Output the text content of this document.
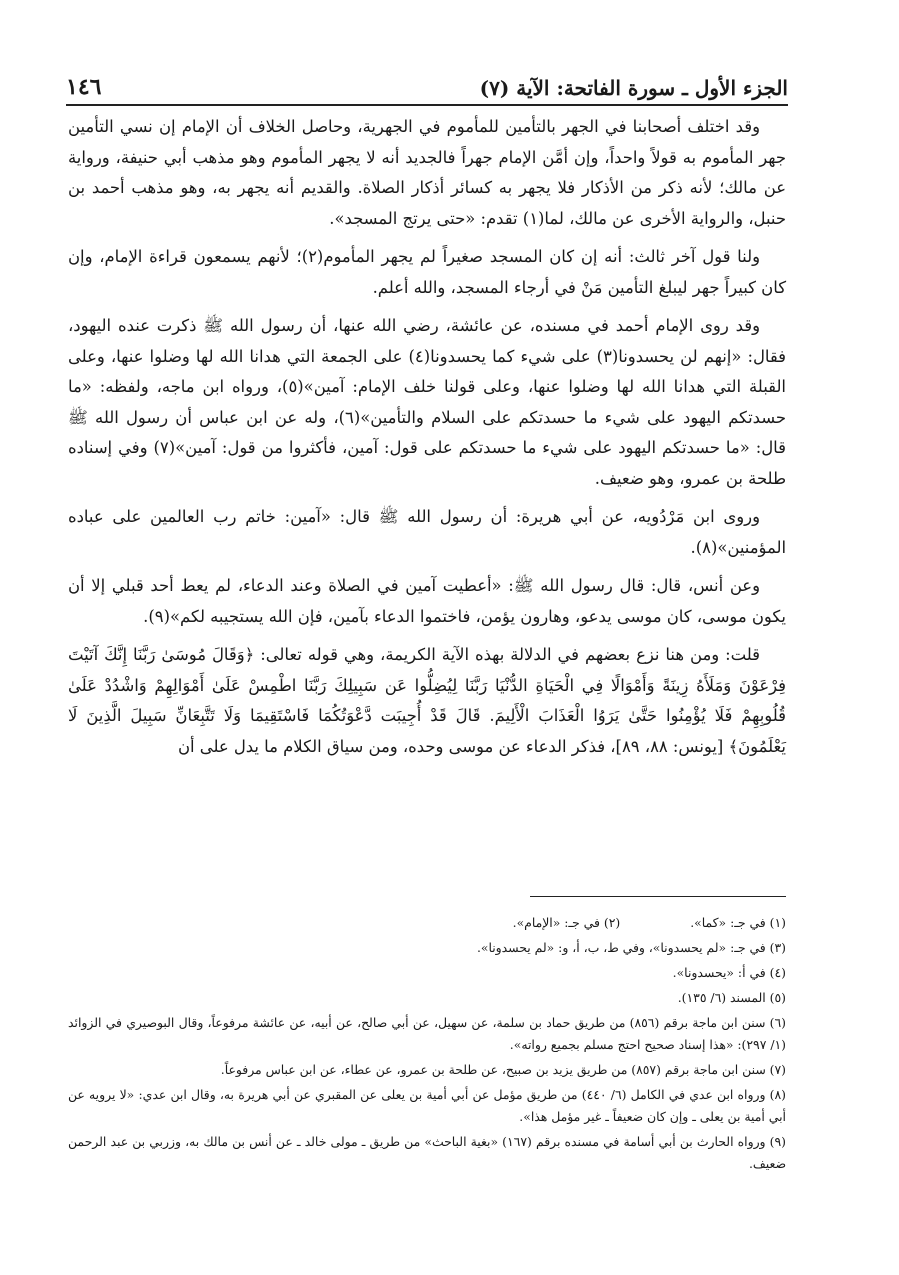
الجزء الأول ـ سورة الفاتحة: الآية (٧)
١٤٦

وقد اختلف أصحابنا في الجهر بالتأمين للمأموم في الجهرية، وحاصل الخلاف أن الإمام إن نسي التأمين جهر المأموم به قولاً واحداً، وإن أمَّن الإمام جهراً فالجديد أنه لا يجهر المأموم وهو مذهب أبي حنيفة، ورواية عن مالك؛ لأنه ذكر من الأذكار فلا يجهر به كسائر أذكار الصلاة. والقديم أنه يجهر به، وهو مذهب أحمد بن حنبل، والرواية الأخرى عن مالك، لما(١) تقدم: «حتى يرتج المسجد».

ولنا قول آخر ثالث: أنه إن كان المسجد صغيراً لم يجهر المأموم(٢)؛ لأنهم يسمعون قراءة الإمام، وإن كان كبيراً جهر ليبلغ التأمين مَنْ في أرجاء المسجد، والله أعلم.

وقد روى الإمام أحمد في مسنده، عن عائشة، رضي الله عنها، أن رسول الله ﷺ ذكرت عنده اليهود، فقال: «إنهم لن يحسدونا(٣) على شيء كما يحسدونا(٤) على الجمعة التي هدانا الله لها وضلوا عنها، وعلى القبلة التي هدانا الله لها وضلوا عنها، وعلى قولنا خلف الإمام: آمين»(٥)، ورواه ابن ماجه، ولفظه: «ما حسدتكم اليهود على شيء ما حسدتكم على السلام والتأمين»(٦)، وله عن ابن عباس أن رسول الله ﷺ قال: «ما حسدتكم اليهود على شيء ما حسدتكم على قول: آمين، فأكثروا من قول: آمين»(٧) وفي إسناده طلحة بن عمرو، وهو ضعيف.

وروى ابن مَرْدُويه، عن أبي هريرة: أن رسول الله ﷺ قال: «آمين: خاتم رب العالمين على عباده المؤمنين»(٨).

وعن أنس، قال: قال رسول الله ﷺ: «أعطيت آمين في الصلاة وعند الدعاء، لم يعط أحد قبلي إلا أن يكون موسى، كان موسى يدعو، وهارون يؤمن، فاختموا الدعاء بآمين، فإن الله يستجيبه لكم»(٩).

قلت: ومن هنا نزع بعضهم في الدلالة بهذه الآية الكريمة، وهي قوله تعالى: ﴿وَقَالَ مُوسَىٰ رَبَّنَا إِنَّكَ آتَيْتَ فِرْعَوْنَ وَمَلَأَهُ زِينَةً وَأَمْوَالًا فِي الْحَيَاةِ الدُّنْيَا رَبَّنَا لِيُضِلُّوا عَن سَبِيلِكَ رَبَّنَا اطْمِسْ عَلَىٰ أَمْوَالِهِمْ وَاشْدُدْ عَلَىٰ قُلُوبِهِمْ فَلَا يُؤْمِنُوا حَتَّىٰ يَرَوُا الْعَذَابَ الْأَلِيمَ. قَالَ قَدْ أُجِيبَت دَّعْوَتُكُمَا فَاسْتَقِيمَا وَلَا تَتَّبِعَانِّ سَبِيلَ الَّذِينَ لَا يَعْلَمُونَ﴾ [يونس: ٨٨، ٨٩]، فذكر الدعاء عن موسى وحده، ومن سياق الكلام ما يدل على أن

(١) في جـ: «كما».
(٢) في جـ: «الإمام».
(٣) في جـ: «لم يحسدونا»، وفي ط، ب، أ، و: «لم يحسدونا».
(٤) في أ: «يحسدونا».
(٥) المسند (٦/ ١٣٥).
(٦) سنن ابن ماجة برقم (٨٥٦) من طريق حماد بن سلمة، عن سهيل، عن أبي صالح، عن أبيه، عن عائشة مرفوعاً، وقال البوصيري في الزوائد (١/ ٢٩٧): «هذا إسناد صحيح احتج مسلم بجميع رواته».
(٧) سنن ابن ماجة برقم (٨٥٧) من طريق يزيد بن صبيح، عن طلحة بن عمرو، عن عطاء، عن ابن عباس مرفوعاً.
(٨) ورواه ابن عدي في الكامل (٦/ ٤٤٠) من طريق مؤمل عن أبي أمية بن يعلى عن المقبري عن أبي هريرة به، وقال ابن عدي: «لا يرويه عن أبي أمية بن يعلى ـ وإن كان ضعيفاً ـ غير مؤمل هذا».
(٩) ورواه الحارث بن أبي أسامة في مسنده برقم (١٦٧) «بغية الباحث» من طريق ـ مولى خالد ـ عن أنس بن مالك به، وزربي بن عبد الرحمن ضعيف.
